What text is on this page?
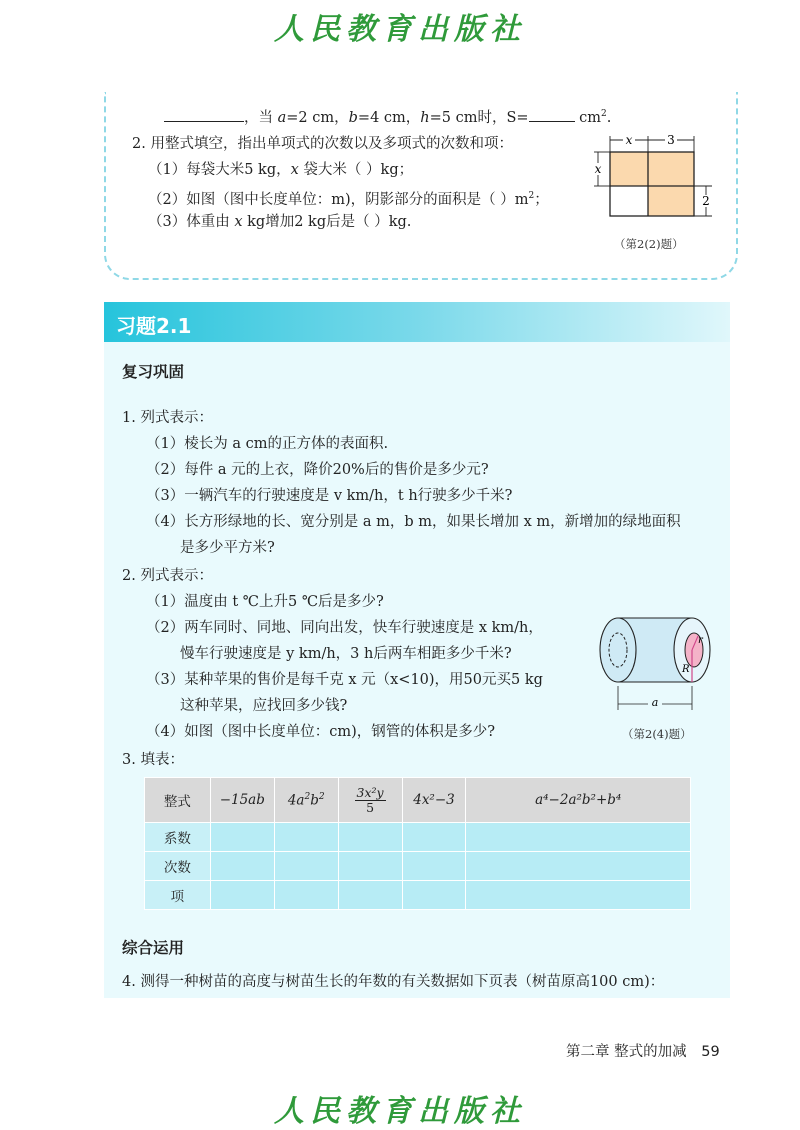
人民教育出版社
，当 a=2 cm，b=4 cm，h=5 cm时，S=	$cm^2$.
2. 用整式填空，指出单项式的次数以及多项式的次数和项：
（1）每袋大米5 kg，x 袋大米（ ）kg；
（2）如图（图中长度单位：m)，阴影部分的面积是（ ）$m^2$；
（3）体重由 x kg增加2 kg后是（ ）kg.
x	3
x
2
（第2(2)题）
习题2.1
复习巩固
1. 列式表示：
（1）棱长为 a cm的正方体的表面积.
（2）每件 a 元的上衣，降价20%后的售价是多少元?
（3）一辆汽车的行驶速度是 v km/h，t h行驶多少千米?
（4）长方形绿地的长、宽分别是 a m，b m，如果长增加 x m，新增加的绿地面积
是多少平方米?
2. 列式表示：
（1）温度由 t ℃上升5 ℃后是多少?
（2）两车同时、同地、同向出发，快车行驶速度是 x km/h，
慢车行驶速度是 y km/h，3 h后两车相距多少千米?
（3）某种苹果的售价是每千克 x 元（x<10)，用50元买5 kg
这种苹果，应找回多少钱?
（4）如图（图中长度单位：cm)，钢管的体积是多少?
r
R
a
（第2(4)题）
3. 填表：
整式	−15ab	$4a^2b^2$	$\frac{\text{3x²y}}{5}$	4x²−3	a⁴−2a²b²+b⁴
系数					
次数					
项					
综合运用
4. 测得一种树苗的高度与树苗生长的年数的有关数据如下页表（树苗原高100 cm)：
第二章 整式的加减 59
人民教育出版社
